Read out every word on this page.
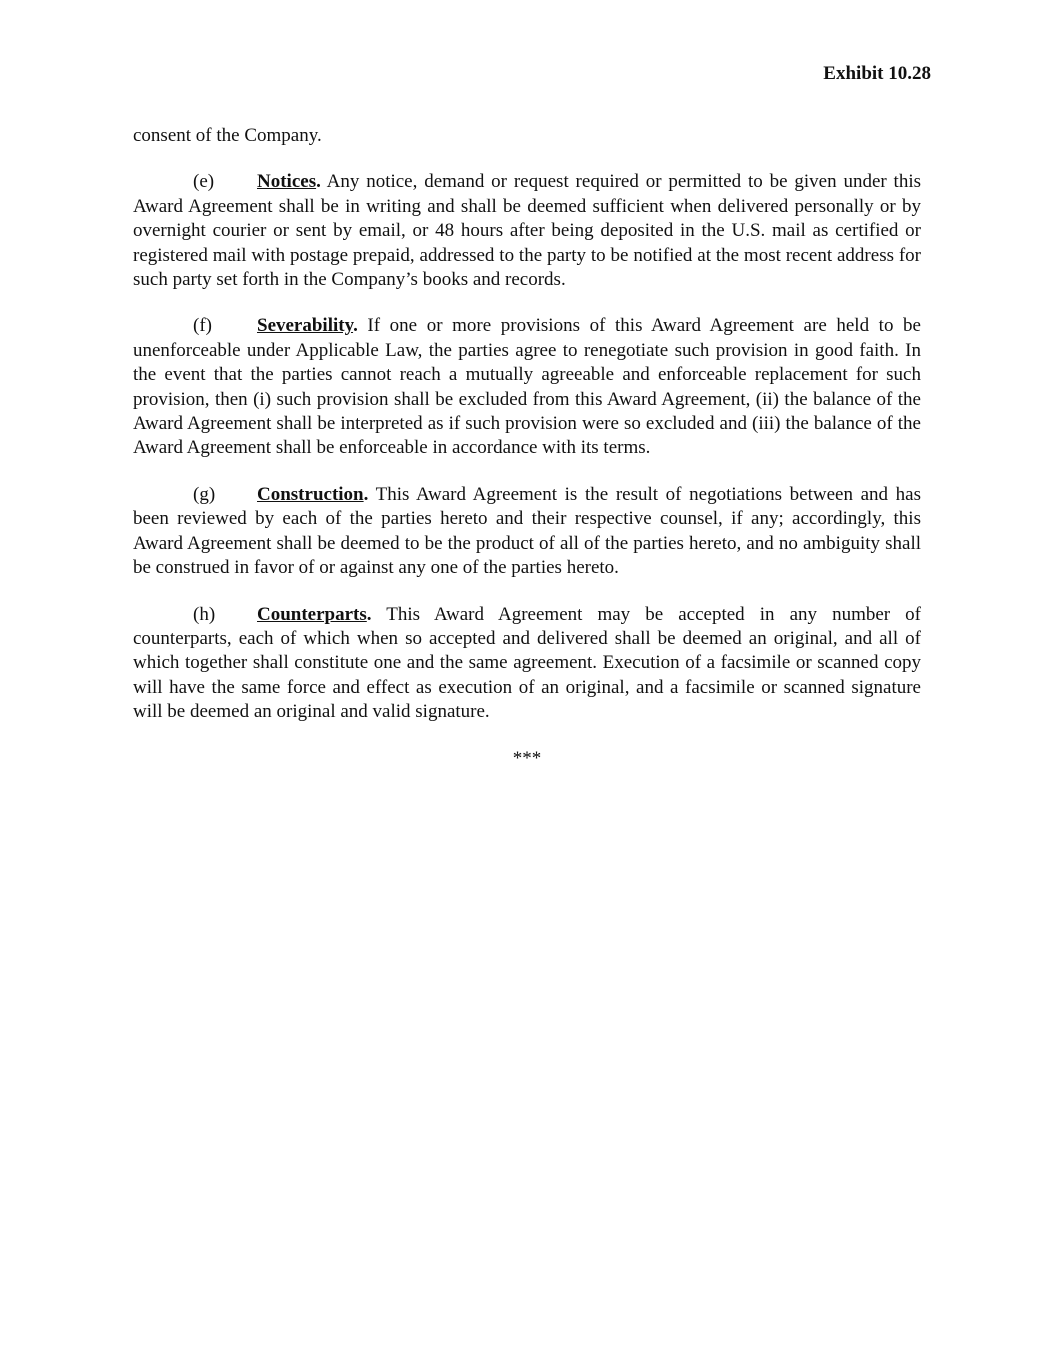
Exhibit 10.28

consent of the Company.

(e) Notices. Any notice, demand or request required or permitted to be given under this Award Agreement shall be in writing and shall be deemed sufficient when delivered personally or by overnight courier or sent by email, or 48 hours after being deposited in the U.S. mail as certified or registered mail with postage prepaid, addressed to the party to be notified at the most recent address for such party set forth in the Company’s books and records.

(f) Severability. If one or more provisions of this Award Agreement are held to be unenforceable under Applicable Law, the parties agree to renegotiate such provision in good faith. In the event that the parties cannot reach a mutually agreeable and enforceable replacement for such provision, then (i) such provision shall be excluded from this Award Agreement, (ii) the balance of the Award Agreement shall be interpreted as if such provision were so excluded and (iii) the balance of the Award Agreement shall be enforceable in accordance with its terms.

(g) Construction. This Award Agreement is the result of negotiations between and has been reviewed by each of the parties hereto and their respective counsel, if any; accordingly, this Award Agreement shall be deemed to be the product of all of the parties hereto, and no ambiguity shall be construed in favor of or against any one of the parties hereto.

(h) Counterparts. This Award Agreement may be accepted in any number of counterparts, each of which when so accepted and delivered shall be deemed an original, and all of which together shall constitute one and the same agreement. Execution of a facsimile or scanned copy will have the same force and effect as execution of an original, and a facsimile or scanned signature will be deemed an original and valid signature.

***
